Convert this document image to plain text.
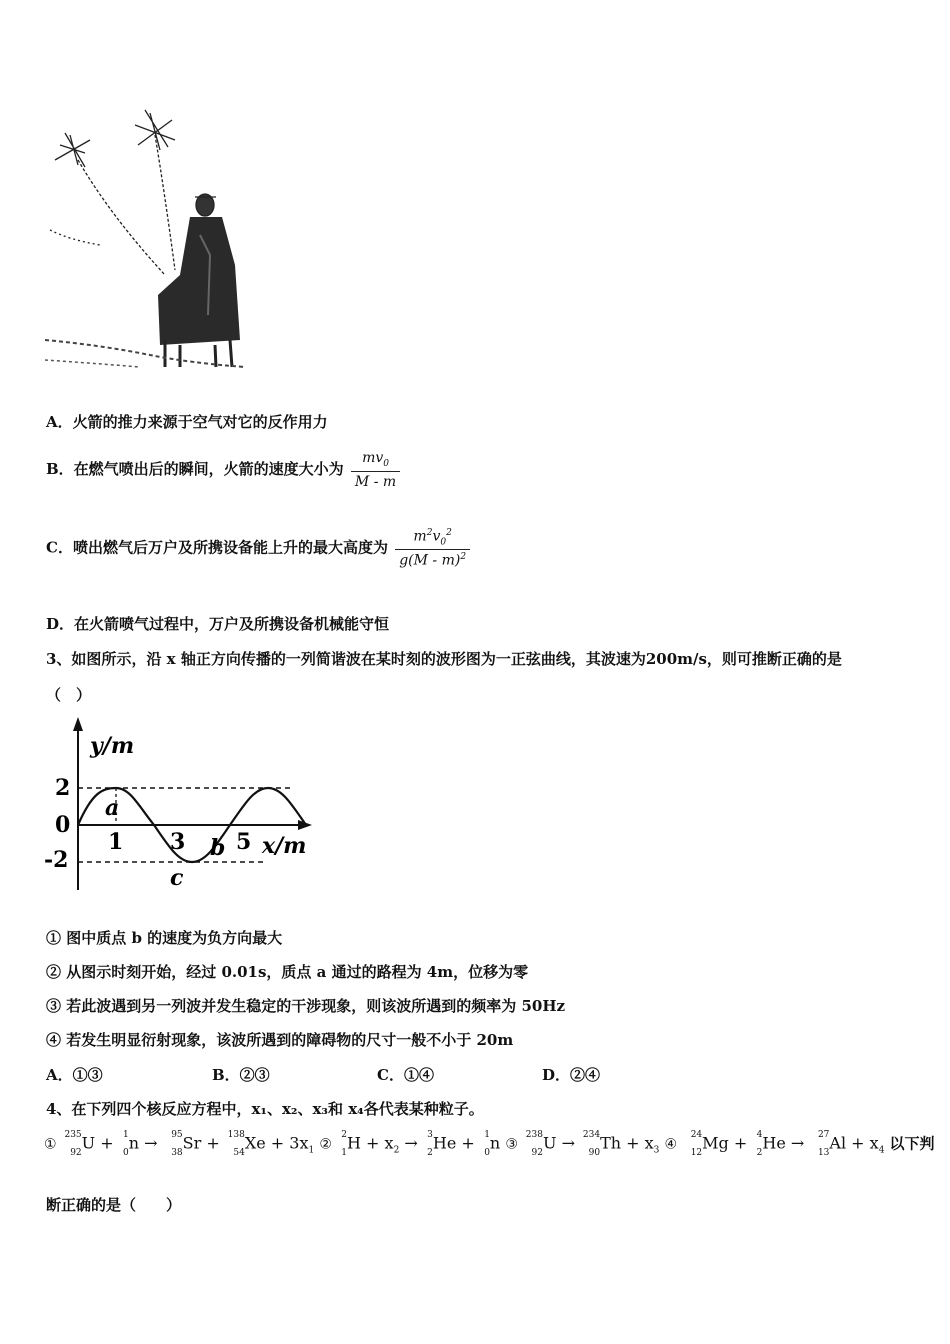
A．火箭的推力来源于空气对它的反作用力
B．在燃气喷出后的瞬间，火箭的速度大小为 $\frac{mv_0}{M - m}$
C．喷出燃气后万户及所携设备能上升的最大高度为 $\frac{m^2v_0^2}{g(M - m)^2}$
D．在火箭喷气过程中，万户及所携设备机械能守恒
3、如图所示，沿 x 轴正方向传播的一列简谐波在某时刻的波形图为一正弦曲线，其波速为200m/s，则可推断正确的是
（　）
y/m
2
0
-2
1 3 5 x/m
a
b
c
① 图中质点 b 的速度为负方向最大
② 从图示时刻开始，经过 0.01s，质点 a 通过的路程为 4m，位移为零
③ 若此波遇到另一列波并发生稳定的干涉现象，则该波所遇到的频率为 50Hz
④ 若发生明显衍射现象，该波所遇到的障碍物的尺寸一般不小于 20m
A．①③	B．②③	C．①④	D．②④
4、在下列四个核反应方程中，x₁、x₂、x₃和 x₄各代表某种粒子。
①
235
92
U + 1
0
n → 95
38
Sr + 138
54
$Xe + 3x_1$ ②
2
1
$H + x_2 \to 3$
2
He + 1
0
n ③
238
92
U → 234
90
$Th + x_3$ ④
24
12
Mg + 4
2
He → 27
13
$Al + x_4$ 以下判
断正确的是（　　）
